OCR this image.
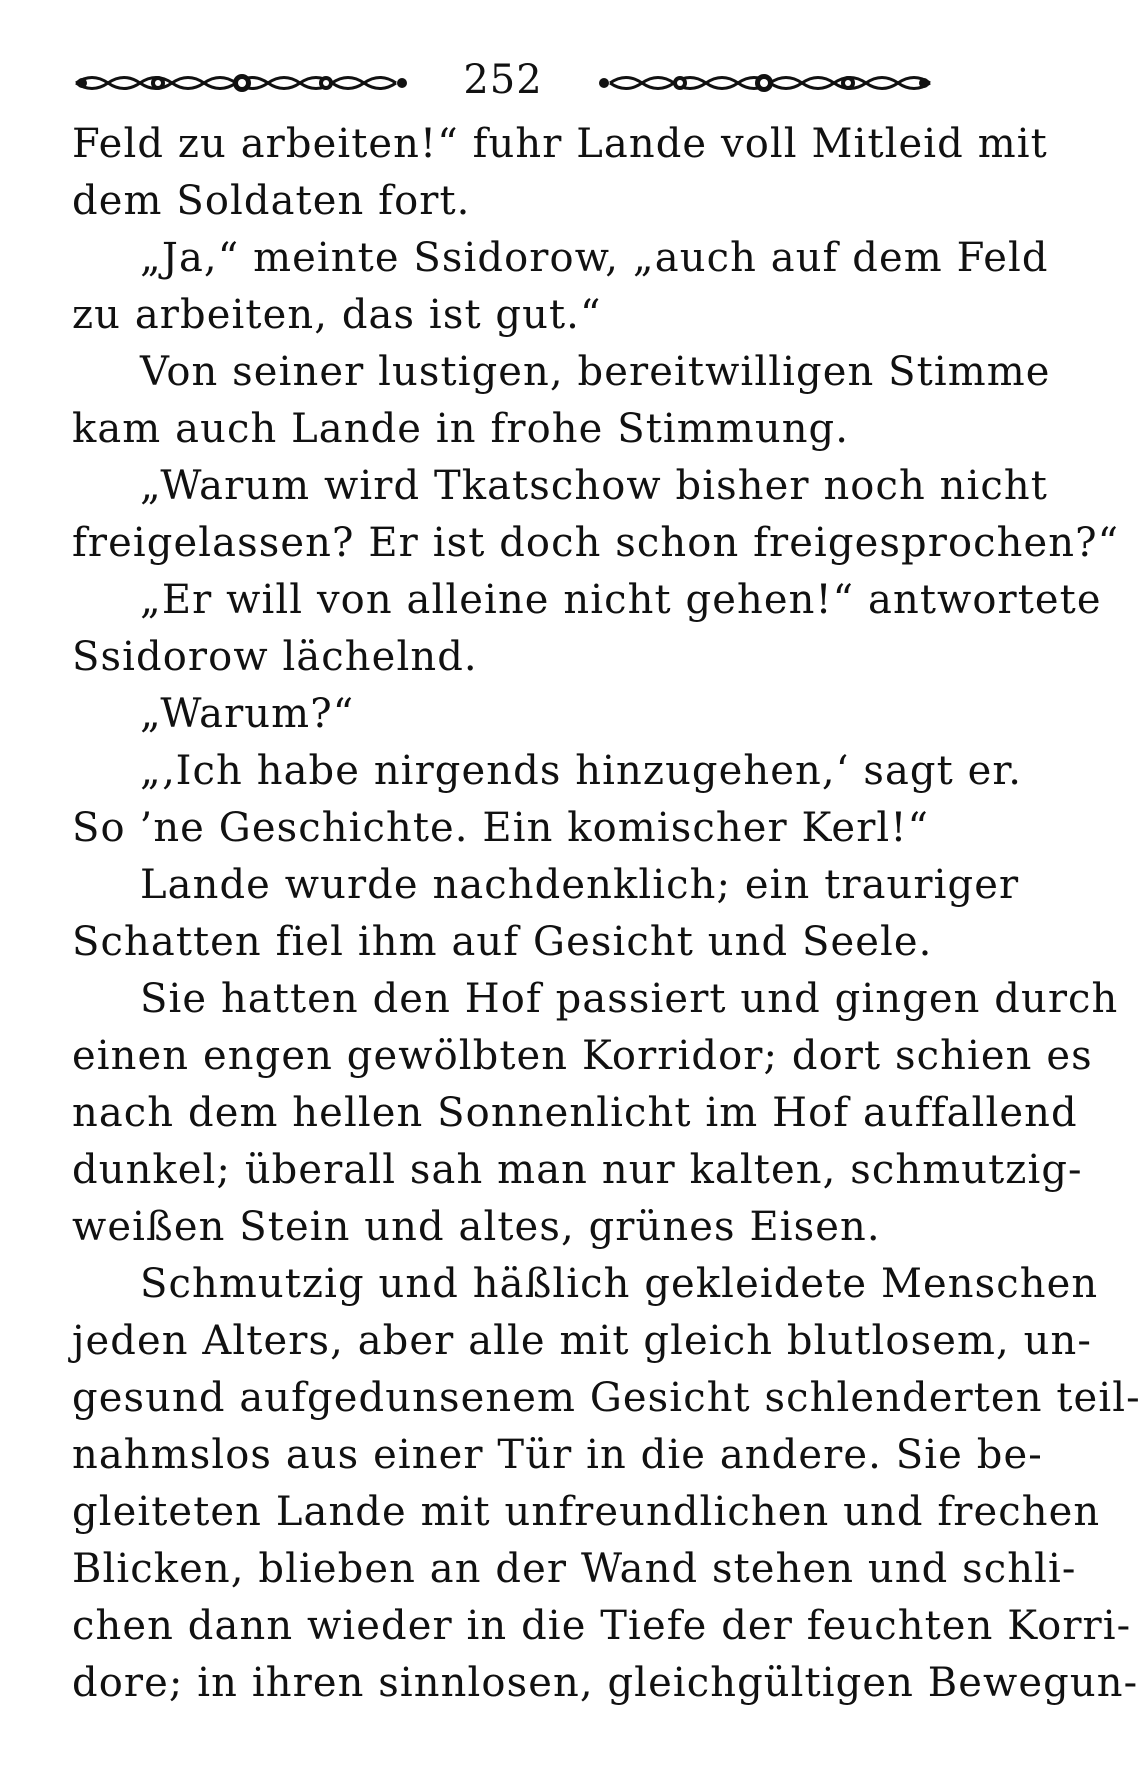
252
Feld zu arbeiten!“ fuhr Lande voll Mitleid mit
dem Soldaten fort.
„Ja,“ meinte Ssidorow, „auch auf dem Feld
zu arbeiten, das ist gut.“
Von seiner lustigen, bereitwilligen Stimme
kam auch Lande in frohe Stimmung.
„Warum wird Tkatschow bisher noch nicht
freigelassen? Er ist doch schon freigesprochen?“
„Er will von alleine nicht gehen!“ antwortete
Ssidorow lächelnd.
„Warum?“
„‚Ich habe nirgends hinzugehen,‘ sagt er.
So ’ne Geschichte. Ein komischer Kerl!“
Lande wurde nachdenklich; ein trauriger
Schatten fiel ihm auf Gesicht und Seele.
Sie hatten den Hof passiert und gingen durch
einen engen gewölbten Korridor; dort schien es
nach dem hellen Sonnenlicht im Hof auffallend
dunkel; überall sah man nur kalten, schmutzig-
weißen Stein und altes, grünes Eisen.
Schmutzig und häßlich gekleidete Menschen
jeden Alters, aber alle mit gleich blutlosem, un-
gesund aufgedunsenem Gesicht schlenderten teil-
nahmslos aus einer Tür in die andere. Sie be-
gleiteten Lande mit unfreundlichen und frechen
Blicken, blieben an der Wand stehen und schli-
chen dann wieder in die Tiefe der feuchten Korri-
dore; in ihren sinnlosen, gleichgültigen Bewegun-
